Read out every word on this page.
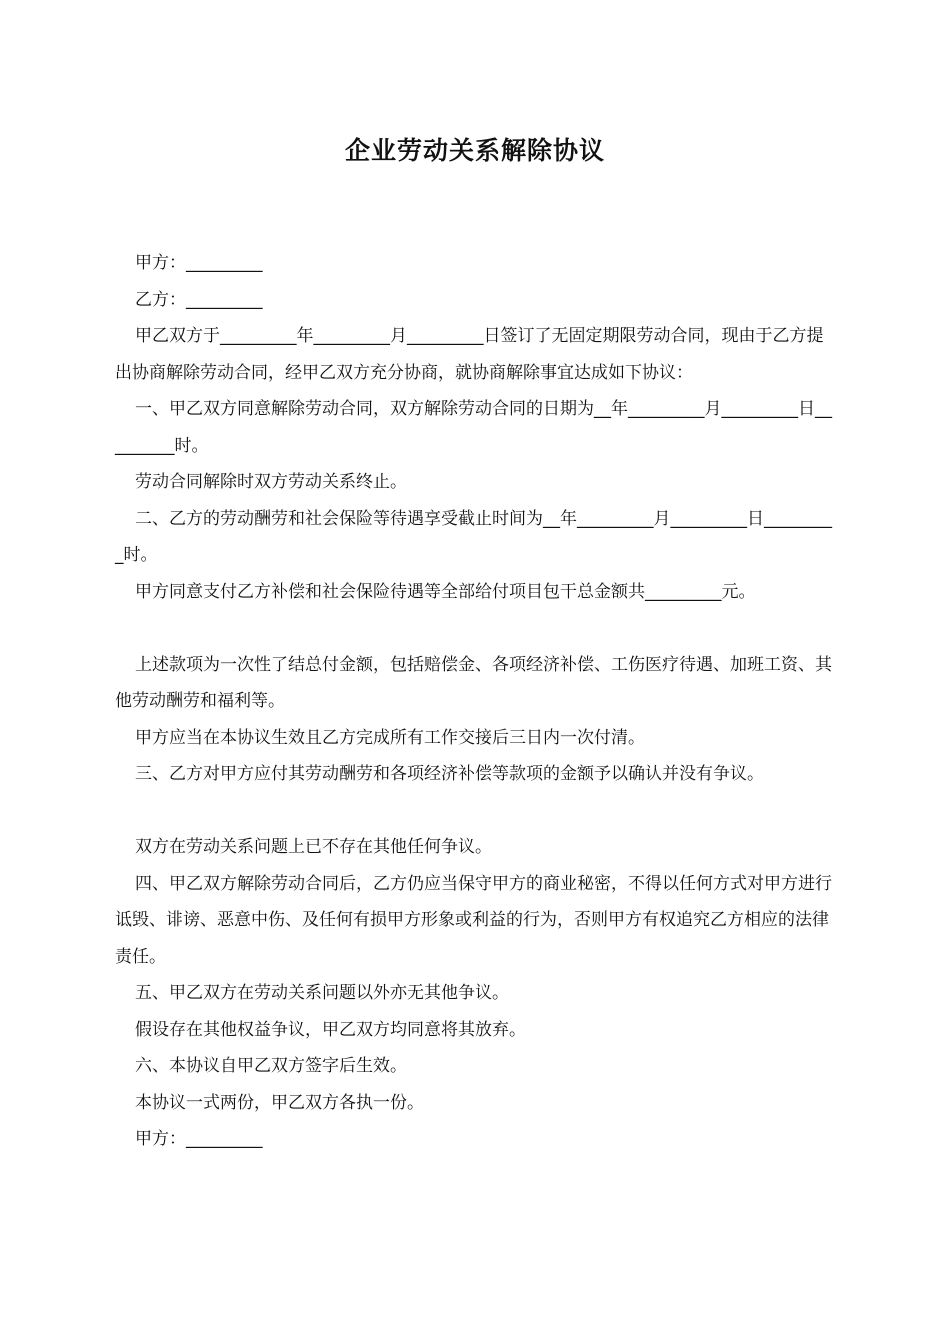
企业劳动关系解除协议

甲方：_________

乙方：_________

甲乙双方于_________年_________月_________日签订了无固定期限劳动合同，现由于乙方提出协商解除劳动合同，经甲乙双方充分协商，就协商解除事宜达成如下协议：

一、甲乙双方同意解除劳动合同，双方解除劳动合同的日期为__年_________月_________日_________时。

劳动合同解除时双方劳动关系终止。

二、乙方的劳动酬劳和社会保险等待遇享受截止时间为__年_________月_________日_________时。

甲方同意支付乙方补偿和社会保险待遇等全部给付项目包干总金额共_________元。

上述款项为一次性了结总付金额，包括赔偿金、各项经济补偿、工伤医疗待遇、加班工资、其他劳动酬劳和福利等。

甲方应当在本协议生效且乙方完成所有工作交接后三日内一次付清。

三、乙方对甲方应付其劳动酬劳和各项经济补偿等款项的金额予以确认并没有争议。

双方在劳动关系问题上已不存在其他任何争议。

四、甲乙双方解除劳动合同后，乙方仍应当保守甲方的商业秘密，不得以任何方式对甲方进行诋毁、诽谤、恶意中伤、及任何有损甲方形象或利益的行为，否则甲方有权追究乙方相应的法律责任。

五、甲乙双方在劳动关系问题以外亦无其他争议。

假设存在其他权益争议，甲乙双方均同意将其放弃。

六、本协议自甲乙双方签字后生效。

本协议一式两份，甲乙双方各执一份。

甲方：_________
